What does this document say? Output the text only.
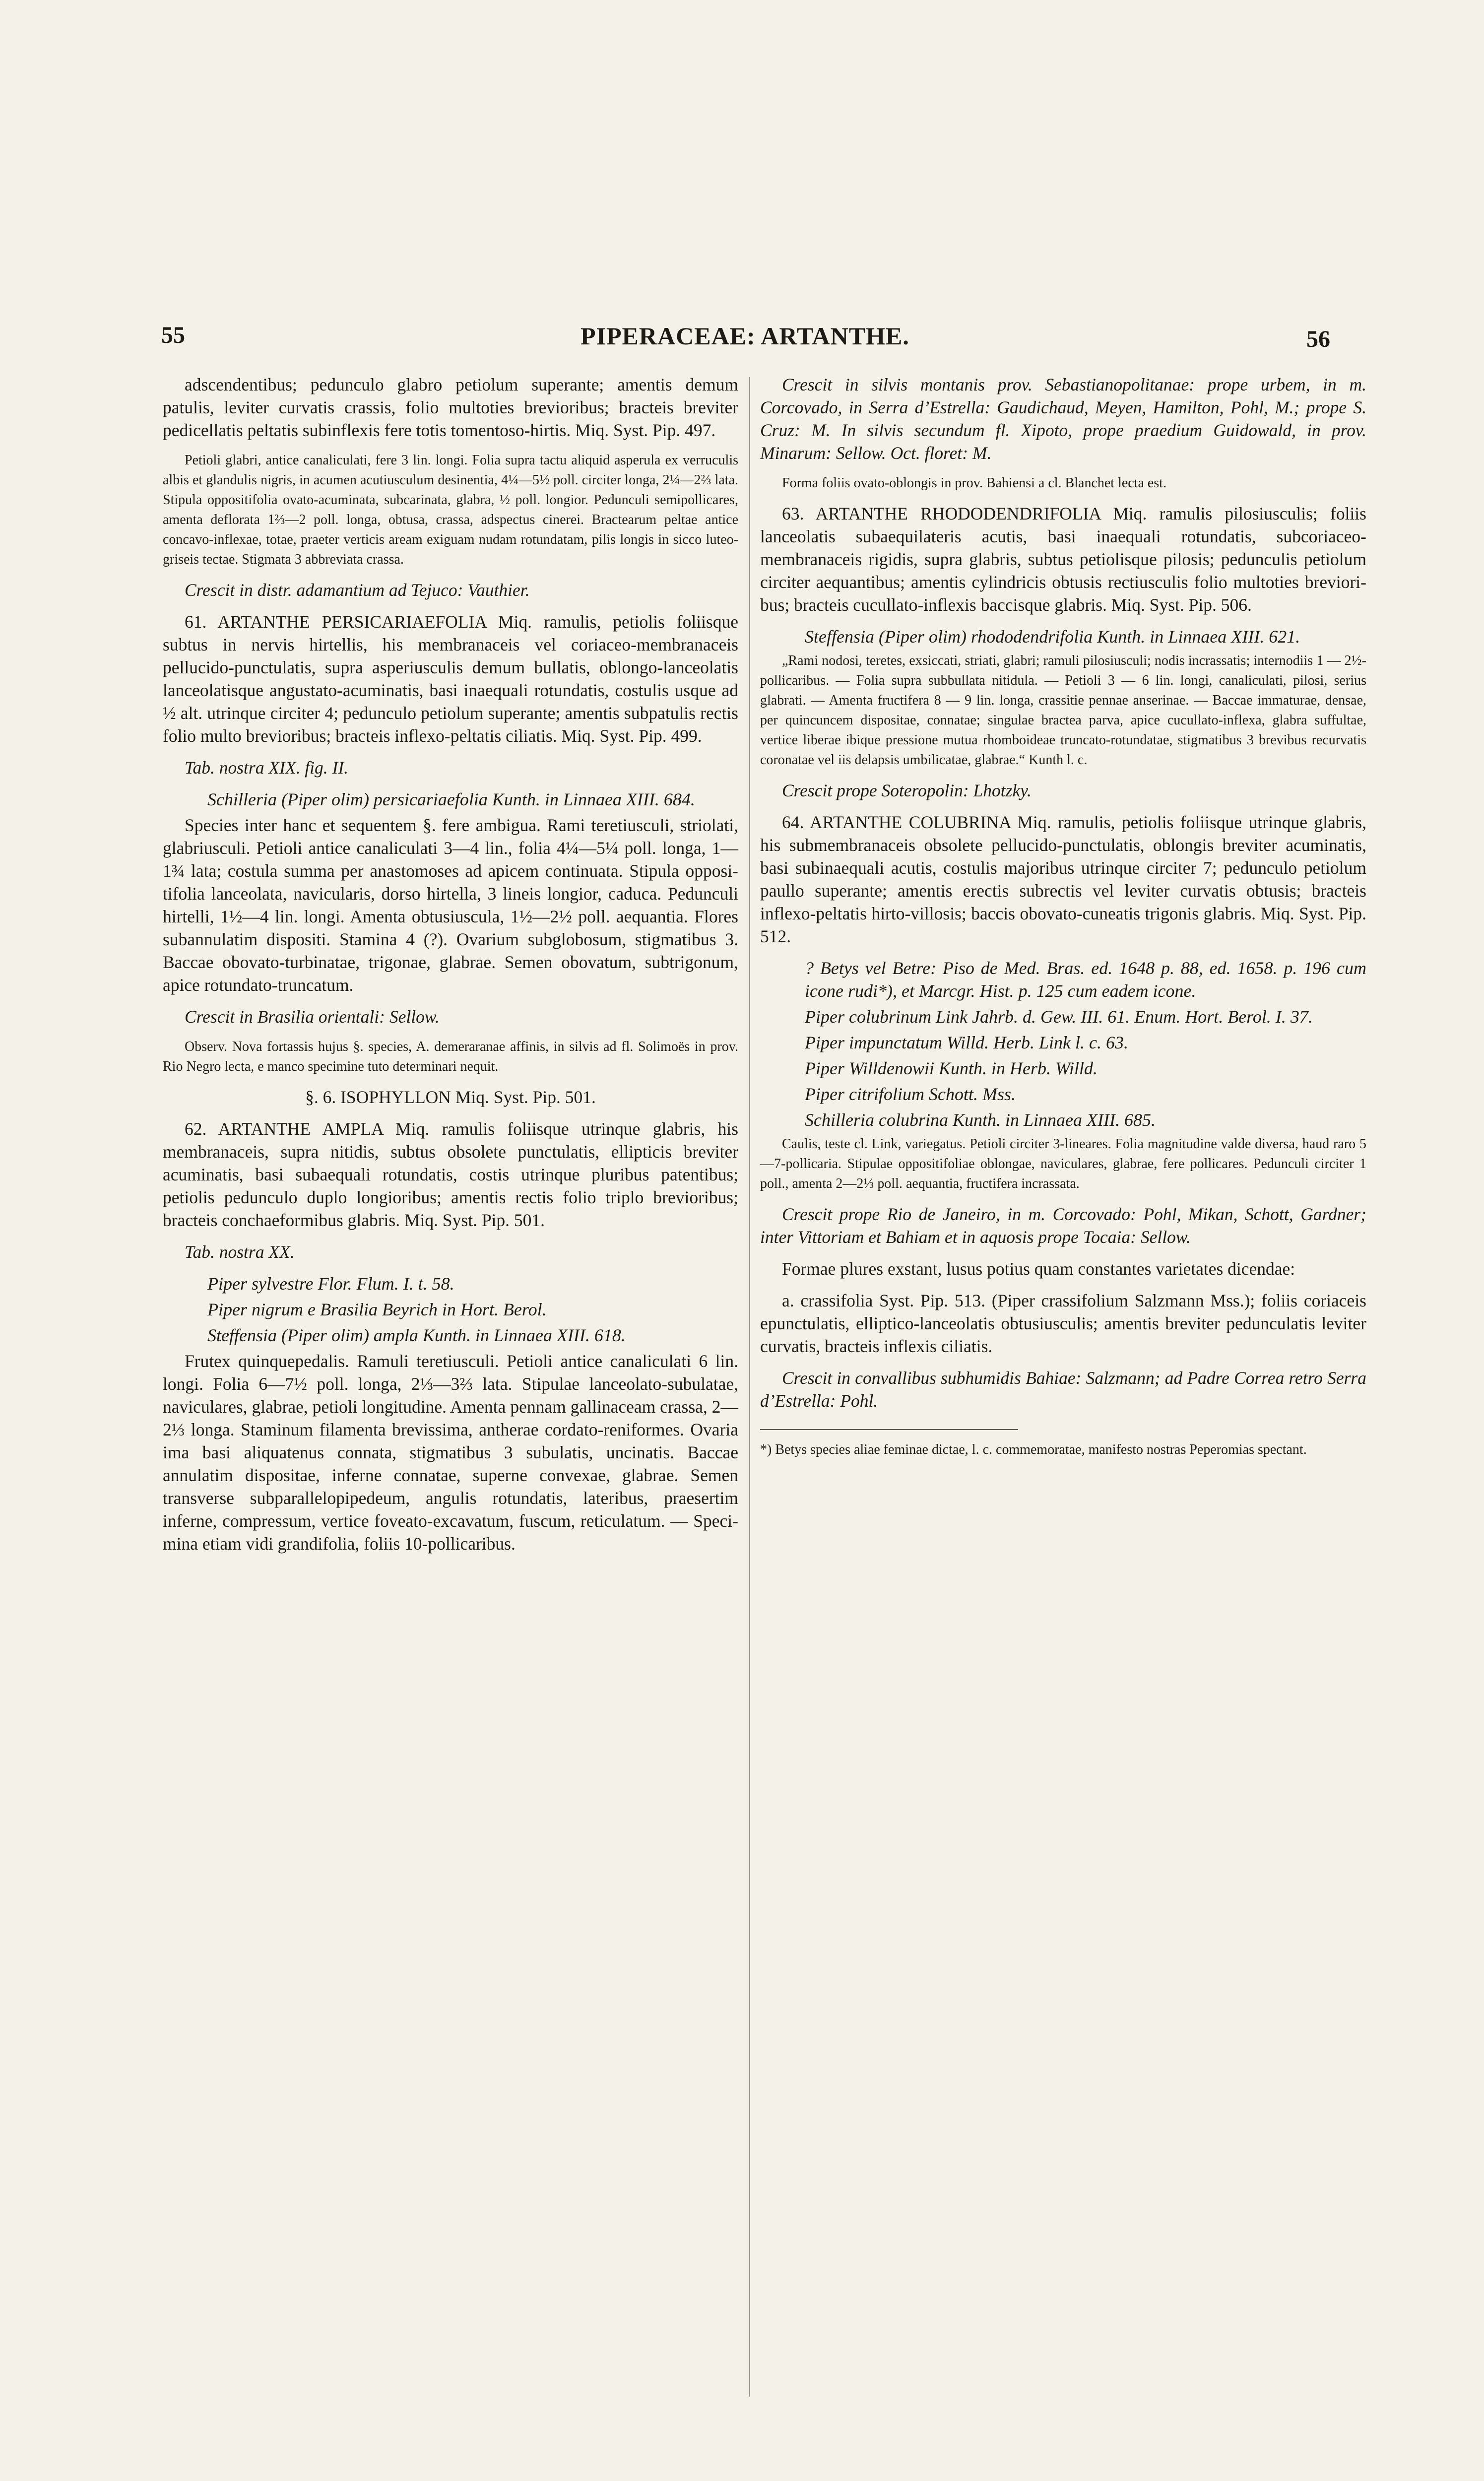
55	PIPERACEAE: ARTANTHE.	56

adscendentibus; pedunculo glabro petiolum superante; amentis demum patulis, leviter curvatis crassis, folio multoties brevioribus; bracteis breviter pedicellatis peltatis subinflexis fere totis tomentoso-hirtis. Miq. Syst. Pip. 497.

Petioli glabri, antice canaliculati, fere 3 lin. longi. Folia supra tactu aliquid asperula ex verruculis albis et glandulis nigris, in acumen acutiusculum desinentia, 4¼—5½ poll. circiter longa, 2¼—2⅔ lata. Stipula oppositifolia ovato-acuminata, subcarinata, glabra, ½ poll. longior. Pedunculi semipollicares, amenta deflorata 1⅔—2 poll. longa, obtusa, crassa, adspectus cinerei. Bractearum peltae antice concavo-inflexae, totae, praeter verticis aream exiguam nudam rotundatam, pilis longis in sicco luteo-griseis tectae. Stigmata 3 abbreviata crassa.

Crescit in distr. adamantium ad Tejuco: Vauthier.

61. ARTANTHE PERSICARIAEFOLIA Miq. ramulis, petiolis foliisque subtus in nervis hirtellis, his membranaceis vel coriaceo-membranaceis pellucido-punctulatis, supra asperiusculis demum bullatis, oblongo-lanceolatis lanceolatisque angustato-acuminatis, basi inaequali rotundatis, costulis usque ad ½ alt. utrinque circiter 4; pedunculo petiolum superante; amentis subpatulis rectis folio multo brevioribus; bracteis inflexo-peltatis ciliatis. Miq. Syst. Pip. 499.

Tab. nostra XIX. fig. II.

Schilleria (Piper olim) persicariaefolia Kunth. in Linnaea XIII. 684.

Species inter hanc et sequentem §. fere ambigua. Rami teretiusculi, striolati, glabriusculi. Petioli antice canaliculati 3—4 lin., folia 4¼—5¼ poll. longa, 1—1¾ lata; costula summa per anastomoses ad apicem continuata. Stipula oppositifolia lanceolata, navicularis, dorso hirtella, 3 lineis longior, caduca. Pedunculi hirtelli, 1½—4 lin. longi. Amenta obtusiuscula, 1½—2½ poll. aequantia. Flores subannulatim dispositi. Stamina 4 (?). Ovarium subglobosum, stigmatibus 3. Baccae obovato-turbinatae, trigonae, glabrae. Semen obovatum, subtrigonum, apice rotundato-truncatum.

Crescit in Brasilia orientali: Sellow.

Observ. Nova fortassis hujus §. species, A. demeraranae affinis, in silvis ad fl. Solimoës in prov. Rio Negro lecta, e manco specimine tuto determinari nequit.

§. 6. ISOPHYLLON Miq. Syst. Pip. 501.

62. ARTANTHE AMPLA Miq. ramulis foliisque utrinque glabris, his membranaceis, supra nitidis, subtus obsolete punctulatis, ellipticis breviter acuminatis, basi subaequali rotundatis, costis utrinque pluribus patentibus; petiolis pedunculo duplo longioribus; amentis rectis folio triplo brevioribus; bracteis conchaeformibus glabris. Miq. Syst. Pip. 501.

Tab. nostra XX.

Piper sylvestre Flor. Flum. I. t. 58.

Piper nigrum e Brasilia Beyrich in Hort. Berol.

Steffensia (Piper olim) ampla Kunth. in Linnaea XIII. 618.

Frutex quinquepedalis. Ramuli teretiusculi. Petioli antice canaliculati 6 lin. longi. Folia 6—7½ poll. longa, 2⅓—3⅔ lata. Stipulae lanceolato-subulatae, naviculares, glabrae, petioli longitudine. Amenta pennam gallinaceam crassa, 2—2⅓ longa. Staminum filamenta brevissima, antherae cordato-reniformes. Ovaria ima basi aliquatenus connata, stigmatibus 3 subulatis, uncinatis. Baccae annulatim dispositae, inferne connatae, superne convexae, glabrae. Semen transverse subparallelopipedeum, angulis rotundatis, lateribus, praesertim inferne, compressum, vertice foveato-excavatum, fuscum, reticulatum. — Specimina etiam vidi grandifolia, foliis 10-pollicaribus.

Crescit in silvis montanis prov. Sebastianopolitanae: prope urbem, in m. Corcovado, in Serra d’Estrella: Gaudichaud, Meyen, Hamilton, Pohl, M.; prope S. Cruz: M. In silvis secundum fl. Xipoto, prope praedium Guidowald, in prov. Minarum: Sellow. Oct. floret: M.

Forma foliis ovato-oblongis in prov. Bahiensi a cl. Blanchet lecta est.

63. ARTANTHE RHODODENDRIFOLIA Miq. ramulis pilosiusculis; foliis lanceolatis subaequilateris acutis, basi inaequali rotundatis, subcoriaceo-membranaceis rigidis, supra glabris, subtus petiolisque pilosis; pedunculis petiolum circiter aequantibus; amentis cylindricis obtusis rectiusculis folio multoties brevioribus; bracteis cucullato-inflexis baccisque glabris. Miq. Syst. Pip. 506.

Steffensia (Piper olim) rhododendrifolia Kunth. in Linnaea XIII. 621.

„Rami nodosi, teretes, exsiccati, striati, glabri; ramuli pilosiusculi; nodis incrassatis; internodiis 1 — 2½-pollicaribus. — Folia supra subbullata nitidula. — Petioli 3 — 6 lin. longi, canaliculati, pilosi, serius glabrati. — Amenta fructifera 8 — 9 lin. longa, crassitie pennae anserinae. — Baccae immaturae, densae, per quincuncem dispositae, connatae; singulae bractea parva, apice cucullato-inflexa, glabra suffultae, vertice liberae ibique pressione mutua rhomboideae truncato-rotundatae, stigmatibus 3 brevibus recurvatis coronatae vel iis delapsis umbilicatae, glabrae.“ Kunth l. c.

Crescit prope Soteropolin: Lhotzky.

64. ARTANTHE COLUBRINA Miq. ramulis, petiolis foliisque utrinque glabris, his submembranaceis obsolete pellucido-punctulatis, oblongis breviter acuminatis, basi subinaequali acutis, costulis majoribus utrinque circiter 7; pedunculo petiolum paullo superante; amentis erectis subrectis vel leviter curvatis obtusis; bracteis inflexo-peltatis hirto-villosis; baccis obovato-cuneatis trigonis glabris. Miq. Syst. Pip. 512.

? Betys vel Betre: Piso de Med. Bras. ed. 1648 p. 88, ed. 1658. p. 196 cum icone rudi*), et Marcgr. Hist. p. 125 cum eadem icone.

Piper colubrinum Link Jahrb. d. Gew. III. 61. Enum. Hort. Berol. I. 37.

Piper impunctatum Willd. Herb. Link l. c. 63.

Piper Willdenowii Kunth. in Herb. Willd.

Piper citrifolium Schott. Mss.

Schilleria colubrina Kunth. in Linnaea XIII. 685.

Caulis, teste cl. Link, variegatus. Petioli circiter 3-lineares. Folia magnitudine valde diversa, haud raro 5—7-pollicaria. Stipulae oppositifoliae oblongae, naviculares, glabrae, fere pollicares. Pedunculi circiter 1 poll., amenta 2—2⅓ poll. aequantia, fructifera incrassata.

Crescit prope Rio de Janeiro, in m. Corcovado: Pohl, Mikan, Schott, Gardner; inter Vittoriam et Bahiam et in aquosis prope Tocaia: Sellow.

Formae plures exstant, lusus potius quam constantes varietates dicendae:

a. crassifolia Syst. Pip. 513. (Piper crassifolium Salzmann Mss.); foliis coriaceis epunctulatis, elliptico-lanceolatis obtusiusculis; amentis breviter pedunculatis leviter curvatis, bracteis inflexis ciliatis.

Crescit in convallibus subhumidis Bahiae: Salzmann; ad Padre Correa retro Serra d’Estrella: Pohl.

*) Betys species aliae feminae dictae, l. c. commemoratae, manifesto nostras Peperomias spectant.
